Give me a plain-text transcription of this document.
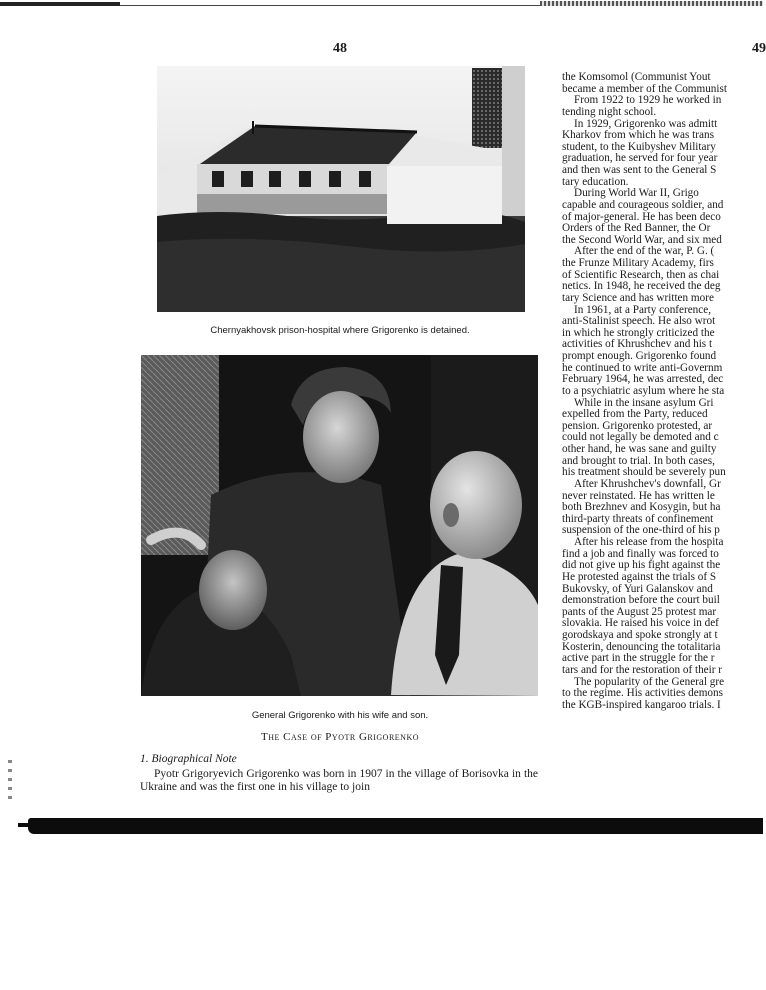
48	49
Chernyakhovsk prison-hospital where Grigorenko is detained.
General Grigorenko with his wife and son.
The Case of Pyotr Grigorenko
1. Biographical Note

Pyotr Grigoryevich Grigorenko was born in 1907 in the village of Borisovka in the Ukraine and was the first one in his village to join

the Komsomol (Communist Yout
became a member of the Communist
From 1922 to 1929 he worked in
tending night school.
In 1929, Grigorenko was admitt
Kharkov from which he was trans
student, to the Kuibyshev Military
graduation, he served for four year
and then was sent to the General S
tary education.
During World War II, Grigo
capable and courageous soldier, and
of major-general. He has been deco
Orders of the Red Banner, the Or
the Second World War, and six med
After the end of the war, P. G. (
the Frunze Military Academy, firs
of Scientific Research, then as chai
netics. In 1948, he received the deg
tary Science and has written more
In 1961, at a Party conference,
anti-Stalinist speech. He also wrot
in which he strongly criticized the
activities of Khrushchev and his t
prompt enough. Grigorenko found
he continued to write anti-Governm
February 1964, he was arrested, dec
to a psychiatric asylum where he sta
While in the insane asylum Gri
expelled from the Party, reduced
pension. Grigorenko protested, ar
could not legally be demoted and c
other hand, he was sane and guilty
and brought to trial. In both cases,
his treatment should be severely pun
After Khrushchev's downfall, Gr
never reinstated. He has written le
both Brezhnev and Kosygin, but ha
third-party threats of confinement
suspension of the one-third of his p
After his release from the hospita
find a job and finally was forced to
did not give up his fight against the
He protested against the trials of S
Bukovsky, of Yuri Galanskov and
demonstration before the court buil
pants of the August 25 protest mar
slovakia. He raised his voice in def
gorodskaya and spoke strongly at t
Kosterin, denouncing the totalitaria
active part in the struggle for the r
tars and for the restoration of their r
The popularity of the General gre
to the regime. His activities demons
the KGB-inspired kangaroo trials. I
